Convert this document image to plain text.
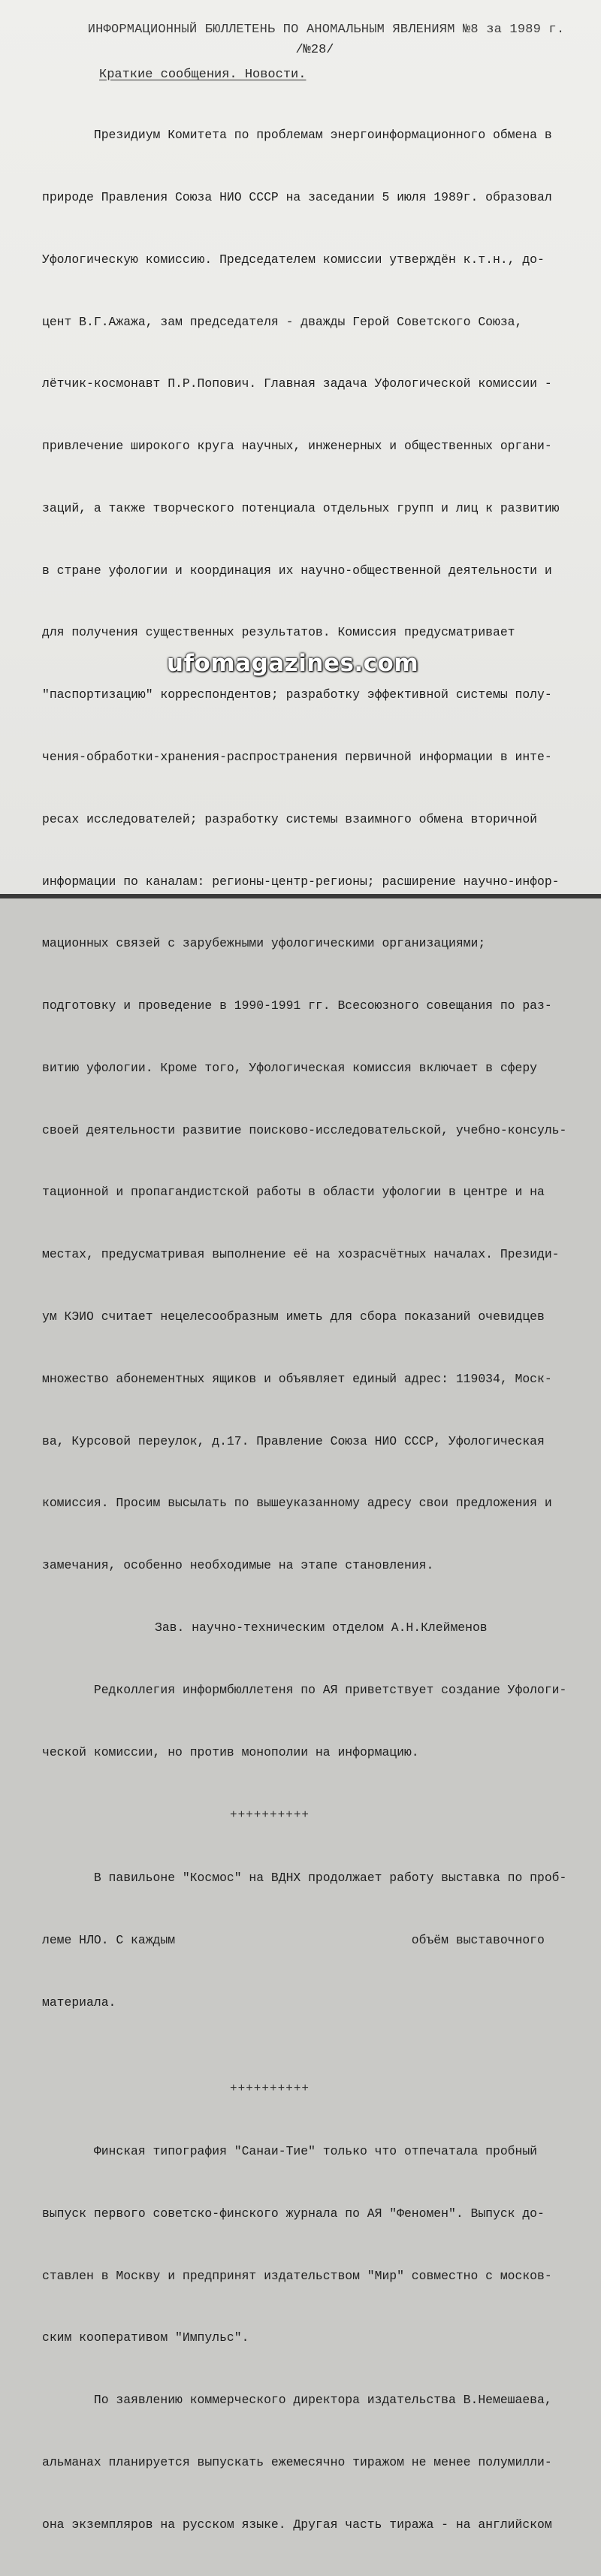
ИНФОРМАЦИОННЫЙ БЮЛЛЕТЕНЬ ПО АНОМАЛЬНЫМ ЯВЛЕНИЯМ №8 за 1989 г.
/№28/
Краткие сообщения. Новости.

Президиум Комитета по проблемам энергоинформационного обмена в

природе Правления Союза НИО СССР на заседании 5 июля 1989г. образовал

Уфологическую комиссию. Председателем комиссии утверждён к.т.н., до-

цент В.Г.Ажажа, зам председателя - дважды Герой Советского Союза,

лётчик-космонавт П.Р.Попович. Главная задача Уфологической комиссии -

привлечение широкого круга научных, инженерных и общественных органи-

заций, а также творческого потенциала отдельных групп и лиц к развитию

в стране уфологии и координация их научно-общественной деятельности и

для получения существенных результатов. Комиссия предусматривает

"паспортизацию" корреспондентов; разработку эффективной системы полу-

чения-обработки-хранения-распространения первичной информации в инте-

ресах исследователей; разработку системы взаимного обмена вторичной

информации по каналам: регионы-центр-регионы; расширение научно-инфор-

мационных связей с зарубежными уфологическими организациями;

подготовку и проведение в 1990-1991 гг. Всесоюзного совещания по раз-

витию уфологии. Кроме того, Уфологическая комиссия включает в сферу

своей деятельности развитие поисково-исследовательской, учебно-консуль-

тационной и пропагандистской работы в области уфологии в центре и на

местах, предусматривая выполнение её на хозрасчётных началах. Президи-

ум КЭИО считает нецелесообразным иметь для сбора показаний очевидцев

множество абонементных ящиков и объявляет единый адрес: 119034, Моск-

ва, Курсовой переулок, д.17. Правление Союза НИО СССР, Уфологическая

комиссия. Просим высылать по вышеуказанному адресу свои предложения и

замечания, особенно необходимые на этапе становления.

Зав. научно-техническим отделом А.Н.Клейменов

Редколлегия информбюллетеня по АЯ приветствует создание Уфологи-

ческой комиссии, но против монополии на информацию.

++++++++++

В павильоне "Космос" на ВДНХ продолжает работу выставка по проб-

леме НЛО. С каждым                                объём выставочного

материала.

++++++++++

Финская типография "Санаи-Тие" только что отпечатала пробный

выпуск первого советско-финского журнала по АЯ "Феномен". Выпуск до-

ставлен в Москву и предпринят издательством "Мир" совместно с москов-

ским кооперативом "Импульс".

По заявлению коммерческого директора издательства В.Немешаева,

альманах планируется выпускать ежемесячно тиражом не менее полумилли-

она экземпляров на русском языке. Другая часть тиража - на английском

ufomagazines.com
